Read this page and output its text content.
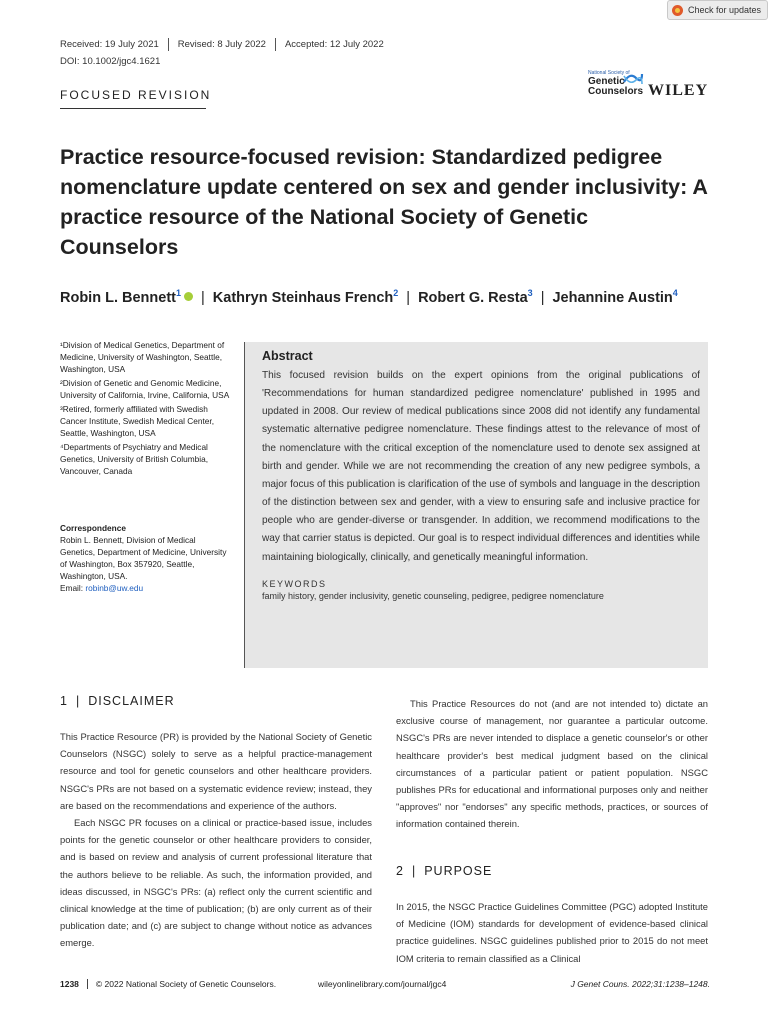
Check for updates
Received: 19 July 2021	Revised: 8 July 2022	Accepted: 12 July 2022
DOI: 10.1002/jgc4.1621
FOCUSED REVISION
National Society of
Genetic
Counselors WILEY
Practice resource-focused revision: Standardized pedigree nomenclature update centered on sex and gender inclusivity: A practice resource of the National Society of Genetic Counselors
Robin L. Bennett$^1$ | Kathryn Steinhaus French$^2$ | Robert G. Resta$^3$ | Jehannine Austin$^4$

¹Division of Medical Genetics, Department of Medicine, University of Washington, Seattle, Washington, USA

²Division of Genetic and Genomic Medicine, University of California, Irvine, California, USA

³Retired, formerly affiliated with Swedish Cancer Institute, Swedish Medical Center, Seattle, Washington, USA

⁴Departments of Psychiatry and Medical Genetics, University of British Columbia, Vancouver, Canada

Correspondence
Robin L. Bennett, Division of Medical Genetics, Department of Medicine, University of Washington, Box 357920, Seattle, Washington, USA.
Email: robinb@uw.edu
Abstract
This focused revision builds on the expert opinions from the original publications of 'Recommendations for human standardized pedigree nomenclature' published in 1995 and updated in 2008. Our review of medical publications since 2008 did not identify any fundamental systematic alternative pedigree nomenclature. These findings attest to the relevance of most of the nomenclature with the critical exception of the nomenclature used to denote sex assigned at birth and gender. While we are not recommending the creation of any new pedigree symbols, a major focus of this publication is clarification of the use of symbols and language in the description of the distinction between sex and gender, with a view to ensuring safe and inclusive practice for people who are gender-diverse or transgender. In addition, we recommend modifications to the way that carrier status is depicted. Our goal is to respect individual differences and identities while maintaining biologically, clinically, and genetically meaningful information.
KEYWORDS
family history, gender inclusivity, genetic counseling, pedigree, pedigree nomenclature
1 | DISCLAIMER

This Practice Resource (PR) is provided by the National Society of Genetic Counselors (NSGC) solely to serve as a helpful practice-management resource and tool for genetic counselors and other healthcare providers. NSGC's PRs are not based on a systematic evidence review; instead, they are based on the recommendations and experience of the authors.

Each NSGC PR focuses on a clinical or practice-based issue, includes points for the genetic counselor or other healthcare providers to consider, and is based on review and analysis of current professional literature that the authors believe to be reliable. As such, the information provided, and ideas discussed, in NSGC's PRs: (a) reflect only the current scientific and clinical knowledge at the time of publication; (b) are only current as of their publication date; and (c) are subject to change without notice as advances emerge.

This Practice Resources do not (and are not intended to) dictate an exclusive course of management, nor guarantee a particular outcome. NSGC's PRs are never intended to displace a genetic counselor's or other healthcare provider's best medical judgment based on the clinical circumstances of a particular patient or patient population. NSGC publishes PRs for educational and informational purposes only and neither "approves" nor "endorses" any specific methods, practices, or sources of information contained therein.

2 | PURPOSE

In 2015, the NSGC Practice Guidelines Committee (PGC) adopted Institute of Medicine (IOM) standards for development of evidence-based clinical practice guidelines. NSGC guidelines published prior to 2015 do not meet IOM criteria to remain classified as a Clinical

1238 © 2022 National Society of Genetic Counselors.	wileyonlinelibrary.com/journal/jgc4	J Genet Couns. 2022;31:1238–1248.
